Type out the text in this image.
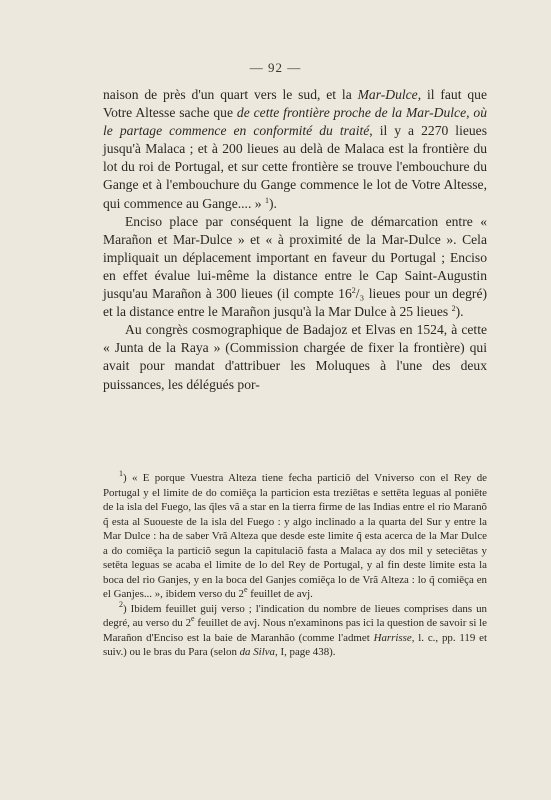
— 92 —

naison de près d'un quart vers le sud, et la Mar-Dulce, il faut que Votre Altesse sache que de cette frontière proche de la Mar-Dulce, où le partage commence en conformité du traité, il y a 2270 lieues jusqu'à Malaca ; et à 200 lieues au delà de Malaca est la frontière du lot du roi de Portugal, et sur cette frontière se trouve l'embouchure du Gange et à l'embouchure du Gange commence le lot de Votre Altesse, qui commence au Gange.... » $^1$).

Enciso place par conséquent la ligne de démarcation entre « Marañon et Mar-Dulce » et « à proximité de la Mar-Dulce ». Cela impliquait un déplacement important en faveur du Portugal ; Enciso en effet évalue lui-même la distance entre le Cap Saint-Augustin jusqu'au Marañon à 300 lieues (il compte $16^2/_3$ lieues pour un degré) et la distance entre le Marañon jusqu'à la Mar Dulce à 25 lieues $^2$).

Au congrès cosmographique de Badajoz et Elvas en 1524, à cette « Junta de la Raya » (Commission chargée de fixer la frontière) qui avait pour mandat d'attribuer les Moluques à l'une des deux puissances, les délégués por-

$^1$) « E porque Vuestra Alteza tiene fecha particiõ del Vniverso con el Rey de Portugal y el limite de do comiēça la particion esta treziētas e settēta leguas al poniēte de la isla del Fuego, las q̃les vã a star en la tierra firme de las Indias entre el rio Maranõ q̃ esta al Suoueste de la isla del Fuego : y algo inclinado a la quarta del Sur y entre la Mar Dulce : ha de saber Vrã Alteza que desde este limite q̃ esta acerca de la Mar Dulce a do comiēça la particiõ segun la capitulaciõ fasta a Malaca ay dos mil y seteciētas y setēta leguas se acaba el limite de lo del Rey de Portugal, y al fin deste limite esta la boca del rio Ganjes, y en la boca del Ganjes comiēça lo de Vrã Alteza : lo q̃ comiēça en el Ganjes... », ibidem verso du 2e feuillet de avj.

$^2$) Ibidem feuillet guij verso ; l'indication du nombre de lieues comprises dans un degré, au verso du 2e feuillet de avj. Nous n'examinons pas ici la question de savoir si le Marañon d'Enciso est la baie de Maranhão (comme l'admet Harrisse, l. c., pp. 119 et suiv.) ou le bras du Para (selon da Silva, I, page 438).
